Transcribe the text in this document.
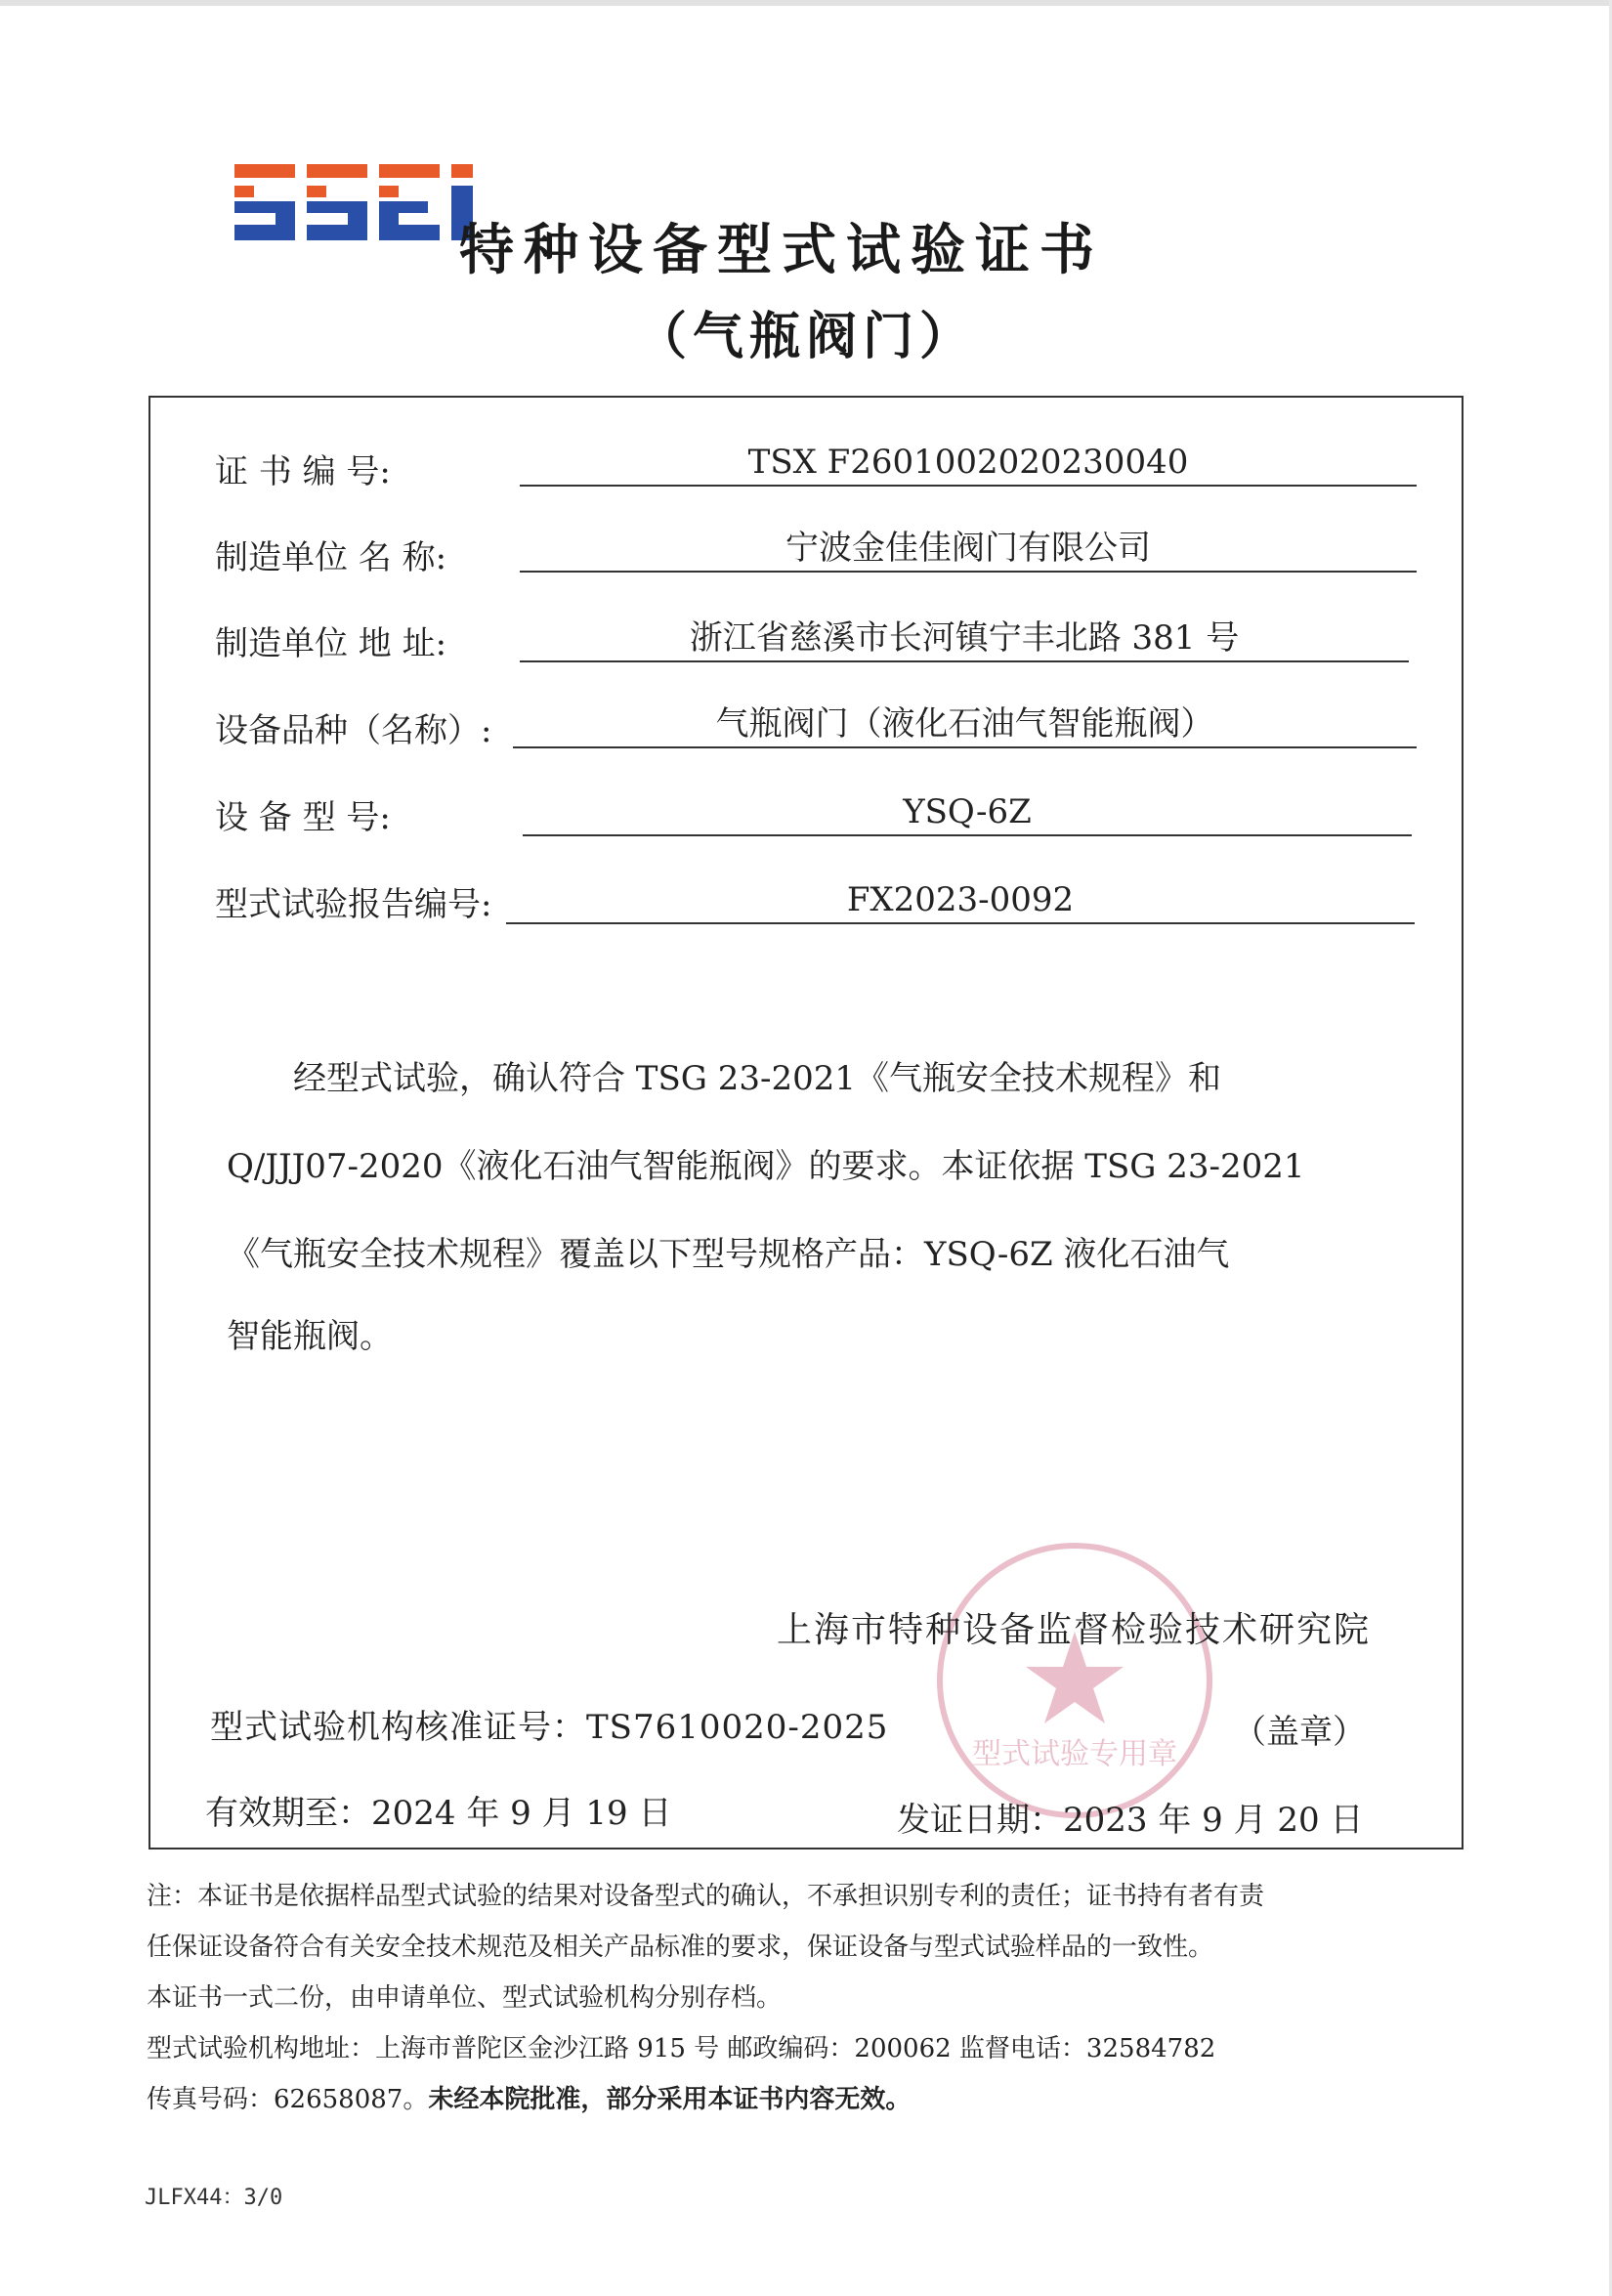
特种设备型式试验证书
（气瓶阀门）
证 书 编 号:	TSX F2601002020230040
制造单位 名 称:	宁波金佳佳阀门有限公司
制造单位 地 址:	浙江省慈溪市长河镇宁丰北路 381 号
设备品种（名称）:	气瓶阀门（液化石油气智能瓶阀）
设 备 型 号:	YSQ-6Z
型式试验报告编号:	FX2023-0092
经型式试验，确认符合 TSG 23-2021《气瓶安全技术规程》和
Q/JJJ07-2020《液化石油气智能瓶阀》的要求。本证依据 TSG 23-2021
《气瓶安全技术规程》覆盖以下型号规格产品：YSQ-6Z 液化石油气
智能瓶阀。
型式试验专用章
上海市特种设备监督检验技术研究院
型式试验机构核准证号：TS7610020-2025	（盖章）
有效期至：2024 年 9 月 19 日	发证日期：2023 年 9 月 20 日
注：本证书是依据样品型式试验的结果对设备型式的确认，不承担识别专利的责任；证书持有者有责
任保证设备符合有关安全技术规范及相关产品标准的要求，保证设备与型式试验样品的一致性。
本证书一式二份，由申请单位、型式试验机构分别存档。
型式试验机构地址：上海市普陀区金沙江路 915 号 邮政编码：200062 监督电话：32584782
传真号码：62658087。未经本院批准，部分采用本证书内容无效。
JLFX44：3/0
